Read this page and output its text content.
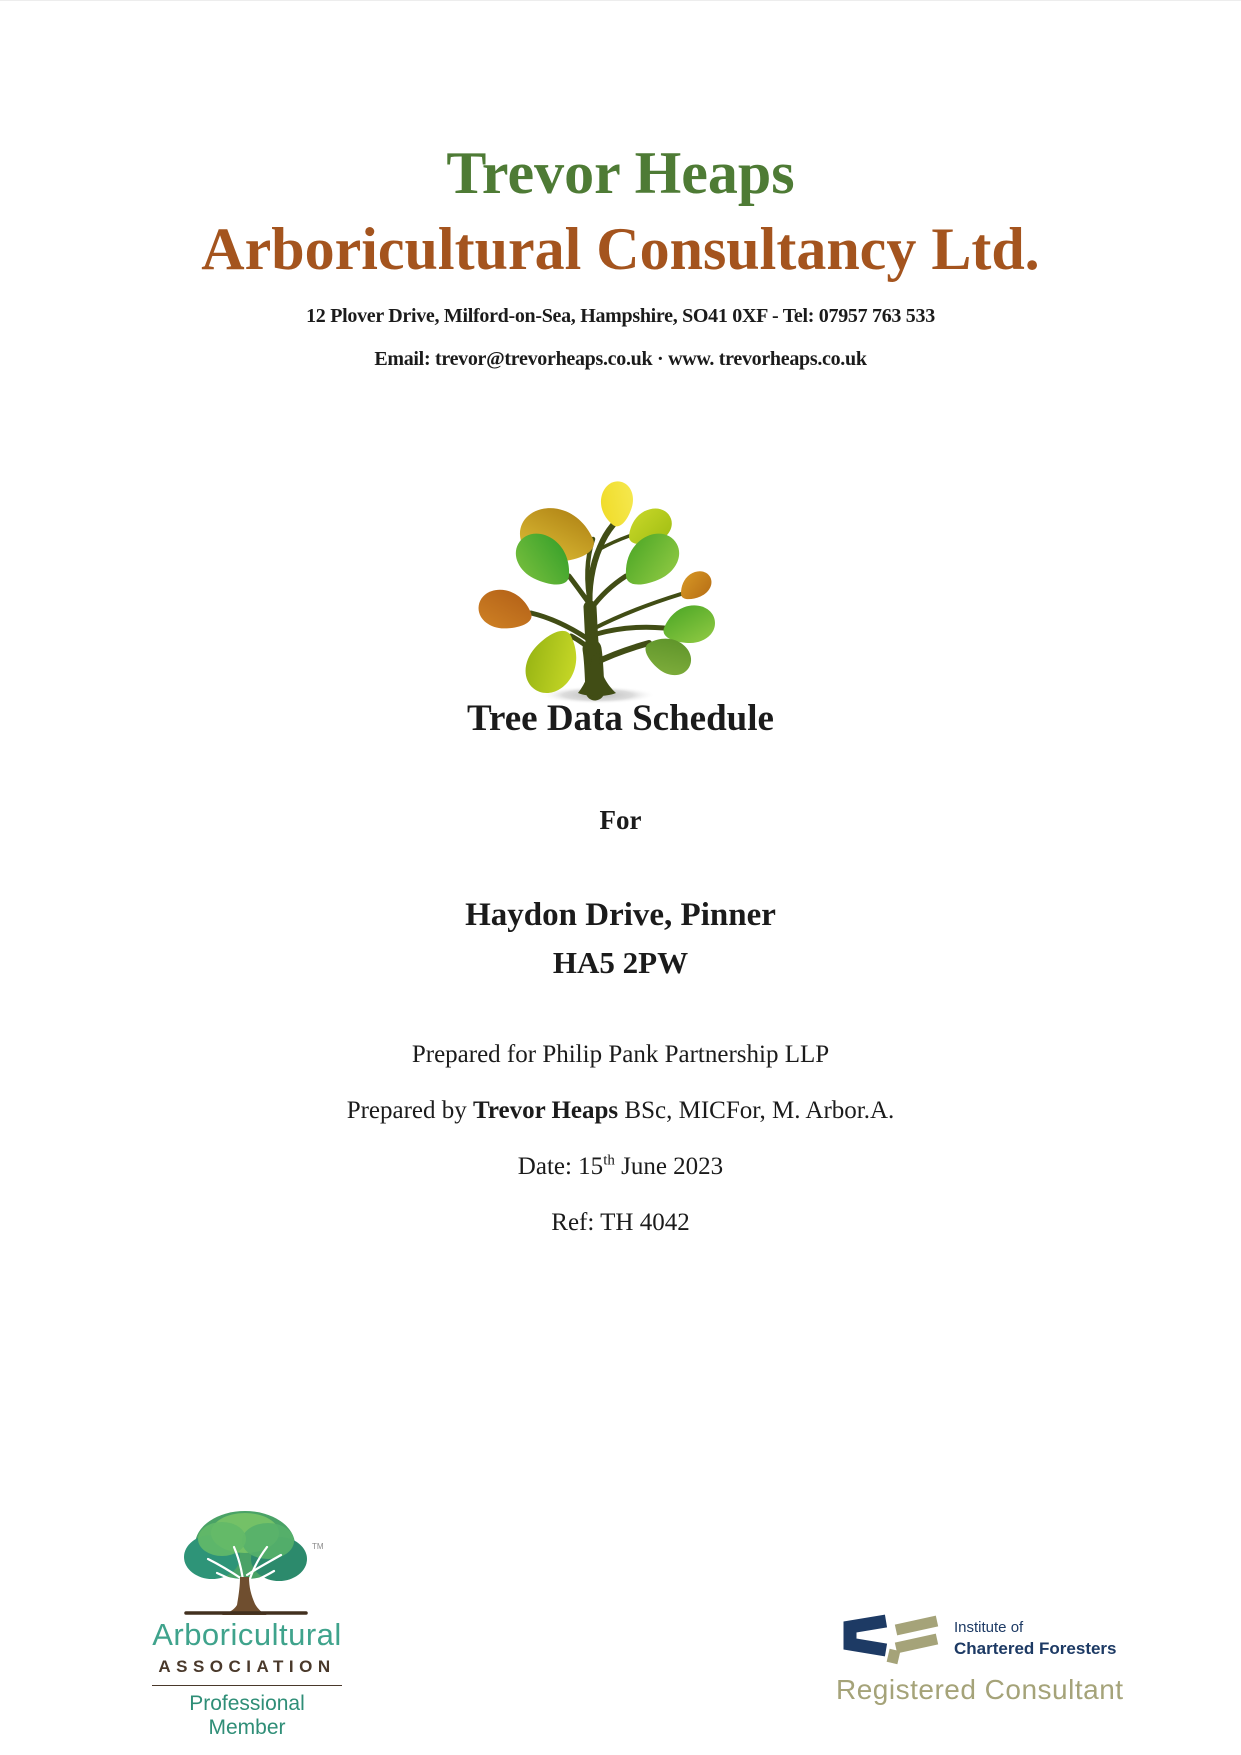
Trevor Heaps
Arboricultural Consultancy Ltd.

12 Plover Drive, Milford-on-Sea, Hampshire, SO41 0XF - Tel: 07957 763 533

Email: trevor@trevorheaps.co.uk · www. trevorheaps.co.uk

Tree Data Schedule

For

Haydon Drive, Pinner

HA5 2PW

Prepared for Philip Pank Partnership LLP

Prepared by Trevor Heaps BSc, MICFor, M. Arbor.A.

Date: 15th June 2023

Ref: TH 4042

TM
Arboricultural
ASSOCIATION
Professional Member
Institute of
Chartered Foresters
Registered Consultant
